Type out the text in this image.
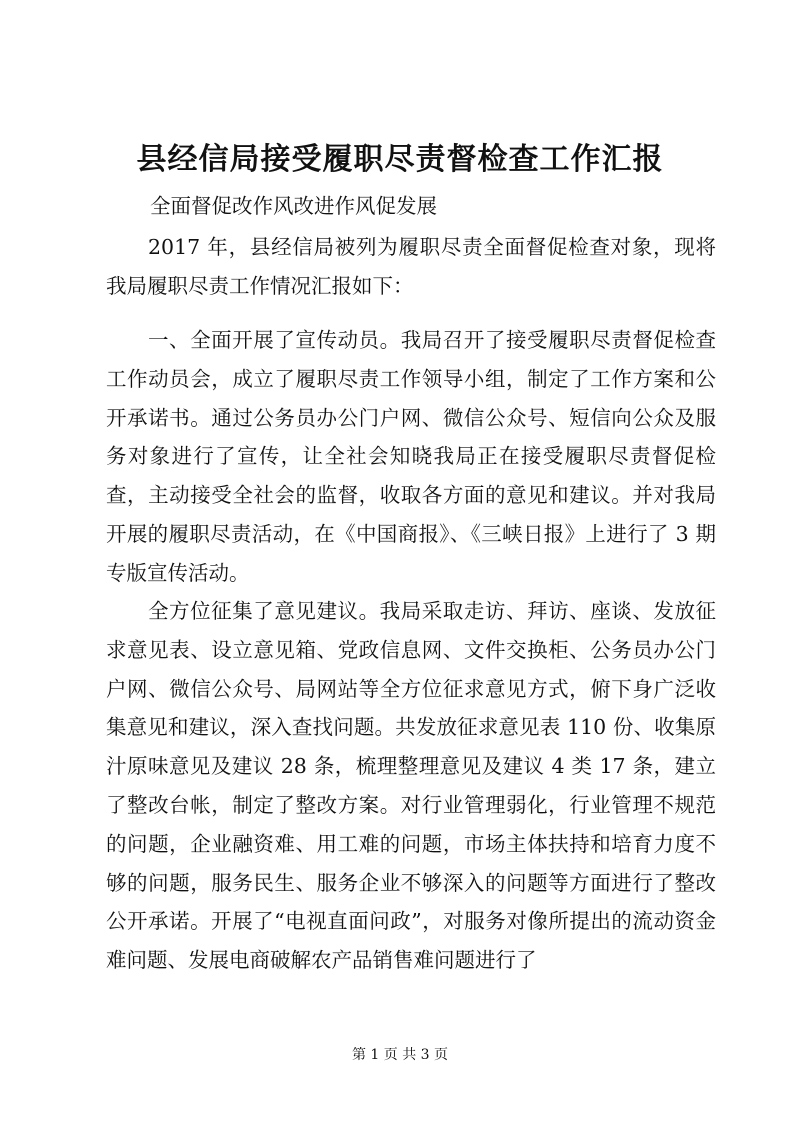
县经信局接受履职尽责督检查工作汇报

全面督促改作风改进作风促发展

2017 年，县经信局被列为履职尽责全面督促检查对象，现将我局履职尽责工作情况汇报如下：

一、全面开展了宣传动员。我局召开了接受履职尽责督促检查工作动员会，成立了履职尽责工作领导小组，制定了工作方案和公开承诺书。通过公务员办公门户网、微信公众号、短信向公众及服务对象进行了宣传，让全社会知晓我局正在接受履职尽责督促检查，主动接受全社会的监督，收取各方面的意见和建议。并对我局开展的履职尽责活动，在《中国商报》、《三峡日报》上进行了 3 期专版宣传活动。

全方位征集了意见建议。我局采取走访、拜访、座谈、发放征求意见表、设立意见箱、党政信息网、文件交换柜、公务员办公门户网、微信公众号、局网站等全方位征求意见方式，俯下身广泛收集意见和建议，深入查找问题。共发放征求意见表 110 份、收集原汁原味意见及建议 28 条，梳理整理意见及建议 4 类 17 条，建立了整改台帐，制定了整改方案。对行业管理弱化，行业管理不规范的问题，企业融资难、用工难的问题，市场主体扶持和培育力度不够的问题，服务民生、服务企业不够深入的问题等方面进行了整改公开承诺。开展了“电视直面问政”，对服务对像所提出的流动资金难问题、发展电商破解农产品销售难问题进行了

第 1 页 共 3 页
